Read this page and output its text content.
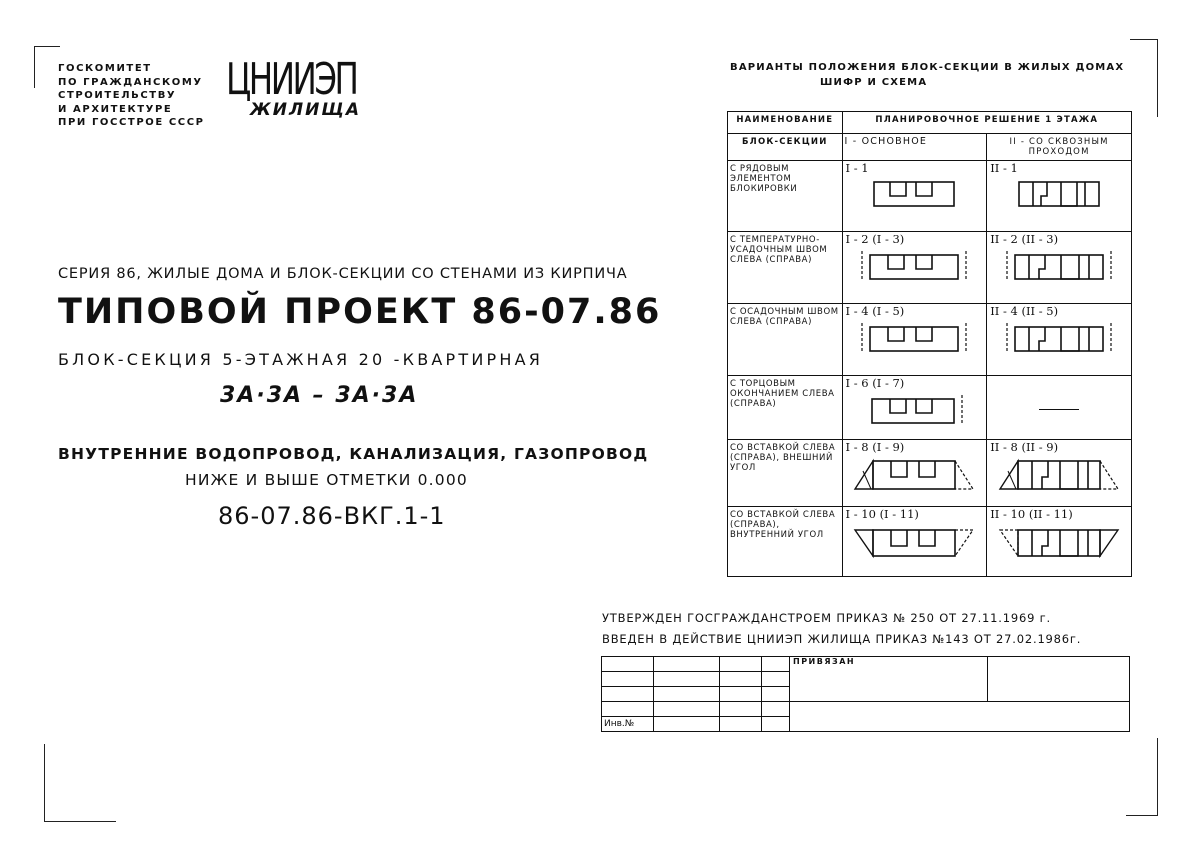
ГОСКОМИТЕТ
ПО ГРАЖДАНСКОМУ
СТРОИТЕЛЬСТВУ
И АРХИТЕКТУРЕ
ПРИ ГОССТРОЕ СССР
ЦНИИЭП
ЖИЛИЩА
СЕРИЯ 86, ЖИЛЫЕ ДОМА И БЛОК-СЕКЦИИ СО СТЕНАМИ ИЗ КИРПИЧА
ТИПОВОЙ ПРОЕКТ 86-07.86
БЛОК-СЕКЦИЯ 5-ЭТАЖНАЯ 20 -КВАРТИРНАЯ
3А·3А – 3А·3А
ВНУТРЕННИЕ ВОДОПРОВОД, КАНАЛИЗАЦИЯ, ГАЗОПРОВОД
НИЖЕ И ВЫШЕ ОТМЕТКИ 0.000
86-07.86-ВКГ.1-1
ВАРИАНТЫ ПОЛОЖЕНИЯ БЛОК-СЕКЦИИ В ЖИЛЫХ ДОМАХ
ШИФР И СХЕМА
НАИМЕНОВАНИЕ	ПЛАНИРОВОЧНОЕ РЕШЕНИЕ 1 ЭТАЖА	
БЛОК-СЕКЦИИ	I - ОСНОВНОЕ	II - СО СКВОЗНЫМ ПРОХОДОМ
С РЯДОВЫМ ЭЛЕМЕНТОМ БЛОКИРОВКИ	I - 1	II - 1

С ТЕМПЕРАТУРНО-УСАДОЧНЫМ ШВОМ СЛЕВА (СПРАВА)	I - 2 (I - 3)	II - 2 (II - 3)

С ОСАДОЧНЫМ ШВОМ СЛЕВА (СПРАВА)	I - 4 (I - 5)	II - 4 (II - 5)

С ТОРЦОВЫМ ОКОНЧАНИЕМ СЛЕВА (СПРАВА)	I - 6 (I - 7)	

СО ВСТАВКОЙ СЛЕВА (СПРАВА), ВНЕШНИЙ УГОЛ	I - 8 (I - 9)	II - 8 (II - 9)

СО ВСТАВКОЙ СЛЕВА (СПРАВА), ВНУТРЕННИЙ УГОЛ	I - 10 (I - 11)	II - 10 (II - 11)
УТВЕРЖДЕН ГОСГРАЖДАНСТРОЕМ ПРИКАЗ № 250 ОТ 27.11.1969 г.
ВВЕДЕН В ДЕЙСТВИЕ ЦНИИЭП ЖИЛИЩА ПРИКАЗ №143 ОТ 27.02.1986г.
				ПРИВЯЗАН	

Инв.№					
